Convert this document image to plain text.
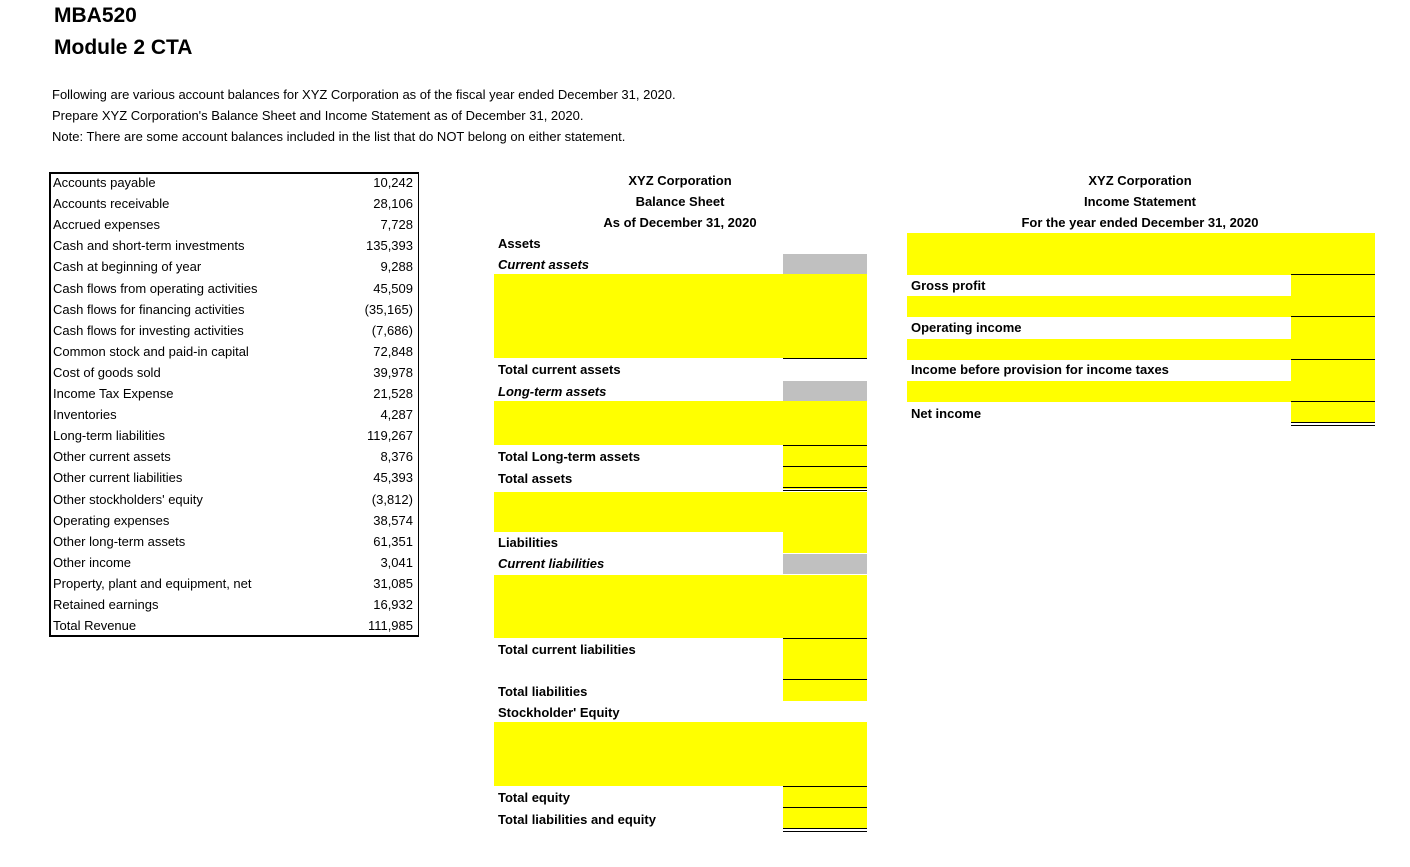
MBA520
Module 2 CTA
Following are various account balances for XYZ Corporation as of the fiscal year ended December 31, 2020.
Prepare XYZ Corporation's Balance Sheet and Income Statement as of December 31, 2020.
Note: There are some account balances included in the list that do NOT belong on either statement.
Accounts payable	10,242
Accounts receivable	28,106
Accrued expenses	7,728
Cash and short-term investments	135,393
Cash at beginning of year	9,288
Cash flows from operating activities	45,509
Cash flows for financing activities	(35,165)
Cash flows for investing activities	(7,686)
Common stock and paid-in capital	72,848
Cost of goods sold	39,978
Income Tax Expense	21,528
Inventories	4,287
Long-term liabilities	119,267
Other current assets	8,376
Other current liabilities	45,393
Other stockholders' equity	(3,812)
Operating expenses	38,574
Other long-term assets	61,351
Other income	3,041
Property, plant and equipment, net	31,085
Retained earnings	16,932
Total Revenue	111,985
XYZ Corporation
Balance Sheet
As of December 31, 2020
Assets
Current assets
Total current assets
Long-term assets
Total Long-term assets
Total assets
Liabilities
Current liabilities
Total current liabilities
Total liabilities
Stockholder' Equity
Total equity
Total liabilities and equity
XYZ Corporation
Income Statement
For the year ended December 31, 2020
Gross profit
Operating income
Income before provision for income taxes
Net income
